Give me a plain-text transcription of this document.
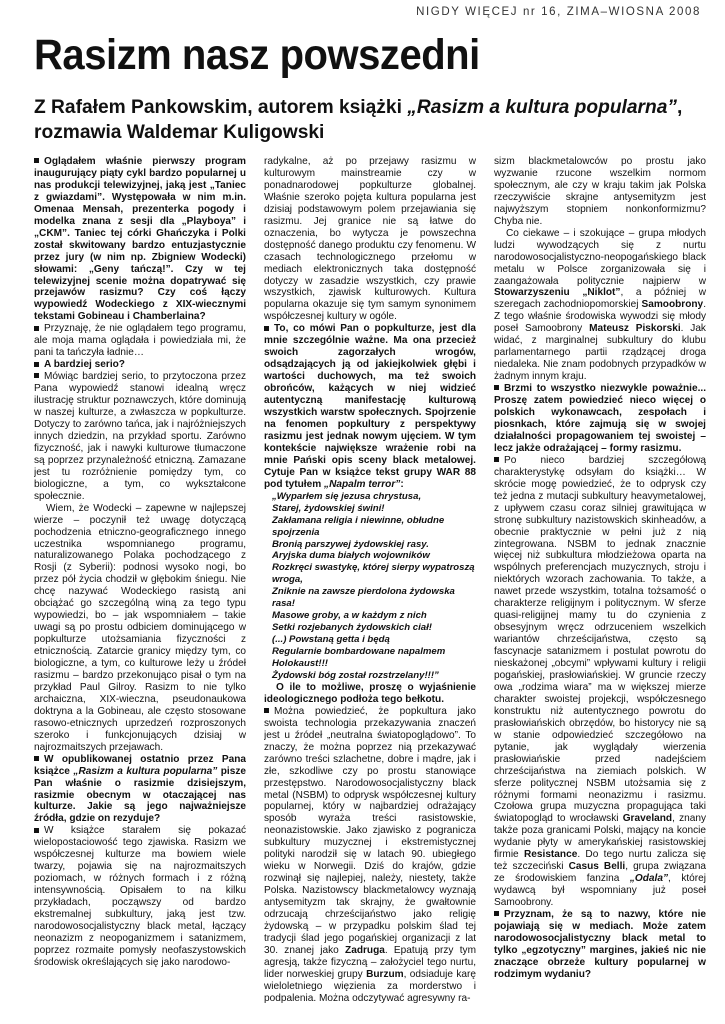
NIGDY WIĘCEJ nr 16, ZIMA–WIOSNA 2008
Rasizm nasz powszedni
Z Rafałem Pankowskim, autorem książki „Rasizm a kultura popularna”, rozmawia Waldemar Kuligowski

Oglądałem właśnie pierwszy program inaugurujący piąty cykl bardzo popularnej u nas produkcji telewizyjnej, jaką jest „Taniec z gwiazdami”. Występowała w nim m.in. Omenaa Mensah, prezenterka pogody i modelka znana z sesji dla „Playboya” i „CKM”. Taniec tej córki Ghańczyka i Polki został skwitowany bardzo entuzjastycznie przez jury (w nim np. Zbigniew Wodecki) słowami: „Geny tańczą!”. Czy w tej telewizyjnej scenie można dopatrywać się przejawów rasizmu? Czy coś łączy wypowiedź Wodeckiego z XIX-wiecznymi tekstami Gobineau i Chamberlaina?

Przyznaję, że nie oglądałem tego programu, ale moja mama oglądała i powiedziała mi, że pani ta tańczyła ładnie…

A bardziej serio?

Mówiąc bardziej serio, to przytoczona przez Pana wypowiedź stanowi idealną wręcz ilustrację struktur poznawczych, które dominują w naszej kulturze, a zwłaszcza w popkulturze. Dotyczy to zarówno tańca, jak i najróżniejszych innych dziedzin, na przykład sportu. Zarówno fizyczność, jak i nawyki kulturowe tłumaczone są poprzez przynależność etniczną. Zamazane jest tu rozróżnienie pomiędzy tym, co biologiczne, a tym, co wykształcone społecznie.

Wiem, że Wodecki – zapewne w najlepszej wierze – poczynił też uwagę dotyczącą pochodzenia etniczno-geograficznego innego uczestnika wspomnianego programu, naturalizowanego Polaka pochodzącego z Rosji (z Syberii): podnosi wysoko nogi, bo przez pół życia chodził w głębokim śniegu. Nie chcę nazywać Wodeckiego rasistą ani obciążać go szczególną winą za tego typu wypowiedzi, bo – jak wspomniałem – takie uwagi są po prostu odbiciem dominującego w popkulturze utożsamiania fizyczności z etnicznością. Zatarcie granicy między tym, co biologiczne, a tym, co kulturowe leży u źródeł rasizmu – bardzo przekonująco pisał o tym na przykład Paul Gilroy. Rasizm to nie tylko archaiczna, XIX-wieczna, pseudonaukowa doktryna a la Gobineau, ale często stosowane rasowo-etnicznych uprzedzeń rozproszonych szeroko i funkcjonujących dzisiaj w najrozmaitszych przejawach.

W opublikowanej ostatnio przez Pana książce „Rasizm a kultura popularna” pisze Pan właśnie o rasizmie dzisiejszym, rasizmie obecnym w otaczającej nas kulturze. Jakie są jego najważniejsze źródła, gdzie on rezyduje?

W książce starałem się pokazać wielopostaciowość tego zjawiska. Rasizm we współczesnej kulturze ma bowiem wiele twarzy, pojawia się na najrozmaitszych poziomach, w różnych formach i z różną intensywnością. Opisałem to na kilku przykładach, począwszy od bardzo ekstremalnej subkultury, jaką jest tzw. narodowosocjalistyczny black metal, łączący neonazizm z neopoganizmem i satanizmem, poprzez rozmaite pomysły neofaszystowskich środowisk określających się jako narodowo-

radykalne, aż po przejawy rasizmu w kulturowym mainstreamie czy w ponadnarodowej popkulturze globalnej. Właśnie szeroko pojęta kultura popularna jest dzisiaj podstawowym polem przejawiania się rasizmu. Jej granice nie są łatwe do oznaczenia, bo wytycza je powszechna dostępność danego produktu czy fenomenu. W czasach technologicznego przełomu w mediach elektronicznych taka dostępność dotyczy w zasadzie wszystkich, czy prawie wszystkich, zjawisk kulturowych. Kultura popularna okazuje się tym samym synonimem współczesnej kultury w ogóle.

To, co mówi Pan o popkulturze, jest dla mnie szczególnie ważne. Ma ona przecież swoich zagorzałych wrogów, odsądzających ją od jakiejkolwiek głębi i wartości duchowych, ma też swoich obrońców, każących w niej widzieć autentyczną manifestację kulturową wszystkich warstw społecznych. Spojrzenie na fenomen popkultury z perspektywy rasizmu jest jednak nowym ujęciem. W tym kontekście największe wrażenie robi na mnie Pański opis sceny black metalowej. Cytuje Pan w książce tekst grupy WAR 88 pod tytułem „Napalm terror”:

„Wyparłem się jezusa chrystusa,
Starej, żydowskiej świni!
Zakłamana religia i niewinne, obłudne spojrzenia
Bronią parszywej żydowskiej rasy.
Aryjska duma białych wojowników
Rozkręci swastykę, której sierpy wypatroszą wroga,
Zniknie na zawsze pierdolona żydowska rasa!
Masowe groby, a w każdym z nich
Setki rozjebanych żydowskich ciał!
(...) Powstaną getta i będą
Regularnie bombardowane napalmem
Holokaust!!!
Żydowski bóg został rozstrzelany!!!”

O ile to możliwe, proszę o wyjaśnienie ideologicznego podłoża tego bełkotu.

Można powiedzieć, że popkultura jako swoista technologia przekazywania znaczeń jest u źródeł „neutralna światopoglądowo”. To znaczy, że można poprzez nią przekazywać zarówno treści szlachetne, dobre i mądre, jak i złe, szkodliwe czy po prostu stanowiące przestępstwo. Narodowosocjalistyczny black metal (NSBM) to odprysk współczesnej kultury popularnej, który w najbardziej odrażający sposób wyraża treści rasistowskie, neonazistowskie. Jako zjawisko z pogranicza subkultury muzycznej i ekstremistycznej polityki narodził się w latach 90. ubiegłego wieku w Norwegii. Dziś do krajów, gdzie rozwinął się najlepiej, należy, niestety, także Polska. Nazistowscy blackmetalowcy wyznają antysemityzm tak skrajny, że gwałtownie odrzucają chrześcijaństwo jako religię żydowską – w przypadku polskim ślad tej tradycji ślad jego pogańskiej organizacji z lat 30. znanej jako Zadruga. Epatują przy tym agresją, także fizyczną – założyciel tego nurtu, lider norweskiej grupy Burzum, odsiaduje karę wieloletniego więzienia za morderstwo i podpalenia. Można odczytywać agresywny ra-

sizm blackmetalowców po prostu jako wyzwanie rzucone wszelkim normom społecznym, ale czy w kraju takim jak Polska rzeczywiście skrajne antysemityzm jest najwyższym stopniem nonkonformizmu? Chyba nie.

Co ciekawe – i szokujące – grupa młodych ludzi wywodzących się z nurtu narodowosocjalistyczno-neopogańskiego black metalu w Polsce zorganizowała się i zaangażowała politycznie najpierw w Stowarzyszeniu „Niklot”, a później w szeregach zachodniopomorskiej Samoobrony. Z tego właśnie środowiska wywodzi się młody poseł Samoobrony Mateusz Piskorski. Jak widać, z marginalnej subkultury do klubu parlamentarnego partii rządzącej droga niedaleka. Nie znam podobnych przypadków w żadnym innym kraju.

Brzmi to wszystko niezwykle poważnie... Proszę zatem powiedzieć nieco więcej o polskich wykonawcach, zespołach i piosnkach, które zajmują się w swojej działalności propagowaniem tej swoistej – lecz jakże odrażającej – formy rasizmu.

Po nieco bardziej szczegółową charakterystykę odsyłam do książki… W skrócie mogę powiedzieć, że to odprysk czy też jedna z mutacji subkultury heavymetalowej, z upływem czasu coraz silniej grawitująca w stronę subkultury nazistowskich skinheadów, a obecnie praktycznie w pełni już z nią zintegrowana. NSBM to jednak znacznie więcej niż subkultura młodzieżowa oparta na wspólnych preferencjach muzycznych, stroju i niektórych wzorach zachowania. To także, a nawet przede wszystkim, totalna tożsamość o charakterze religijnym i politycznym. W sferze quasi-religijnej mamy tu do czynienia z obsesyjnym wręcz odrzuceniem wszelkich wariantów chrześcijaństwa, często są fascynacje satanizmem i postulat powrotu do nieskażonej „obcymi” wpływami kultury i religii pogańskiej, prasłowiańskiej. W gruncie rzeczy owa „rodzima wiara” ma w większej mierze charakter swoistej projekcji, współczesnego konstruktu niż autentycznego powrotu do prasłowiańskich obrzędów, bo historycy nie są w stanie odpowiedzieć szczegółowo na pytanie, jak wyglądały wierzenia prasłowiańskie przed nadejściem chrześcijaństwa na ziemiach polskich. W sferze politycznej NSBM utożsamia się z różnymi formami neonazizmu i rasizmu. Czołowa grupa muzyczna propagująca taki światopogląd to wrocławski Graveland, znany także poza granicami Polski, mający na koncie wydanie płyty w amerykańskiej rasistowskiej firmie Resistance. Do tego nurtu zalicza się też szczeciński Casus Belli, grupa związana ze środowiskiem fanzina „Odala”, której wydawcą był wspomniany już poseł Samoobrony.

Przyznam, że są to nazwy, które nie pojawiają się w mediach. Może zatem narodowosocjalistyczny black metal to tylko „egzotyczny” margines, jakieś nic nie znaczące obrzeże kultury popularnej w rodzimym wydaniu?
